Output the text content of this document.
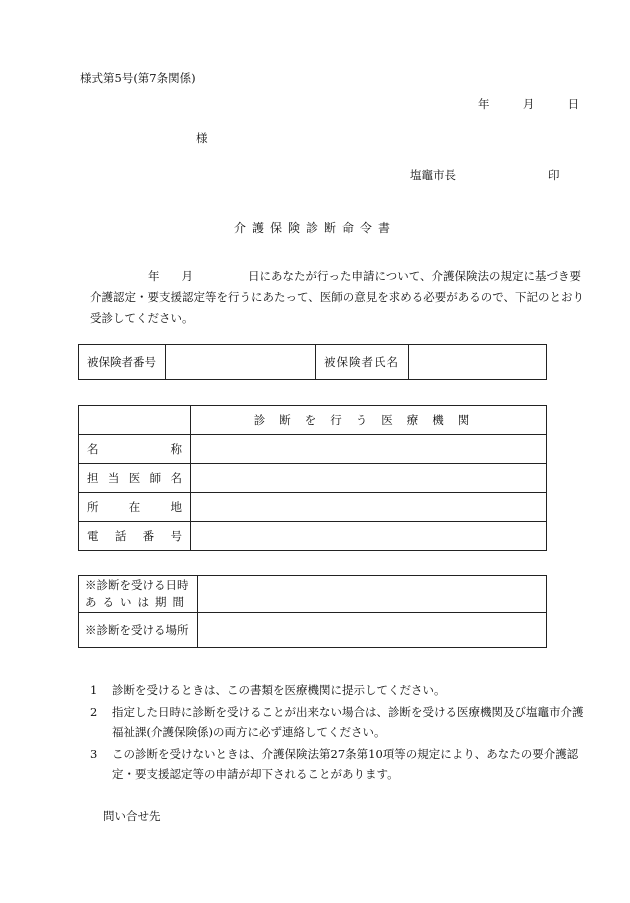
様式第5号(第7条関係)
年	月	日
様
塩竈市長	印
介護保険診断命令書
年 月	日にあなたが行った申請について、介護保険法の規定に基づき要介護認定・要支援認定等を行うにあたって、医師の意見を求める必要があるので、下記のとおり受診してください。
被保険者番号		被保険者氏名	
	診断を行う医療機関

名 称	

担 当 医 師 名	

所 在 地	

電 話 番 号	

※診断を受ける日時
あるいは期間	

※診断を受ける場所	
1 診断を受けるときは、この書類を医療機関に提示してください。
2 指定した日時に診断を受けることが出来ない場合は、診断を受ける医療機関及び塩竈市介護福祉課(介護保険係)の両方に必ず連絡してください。
3 この診断を受けないときは、介護保険法第27条第10項等の規定により、あなたの要介護認定・要支援認定等の申請が却下されることがあります。
問い合せ先
